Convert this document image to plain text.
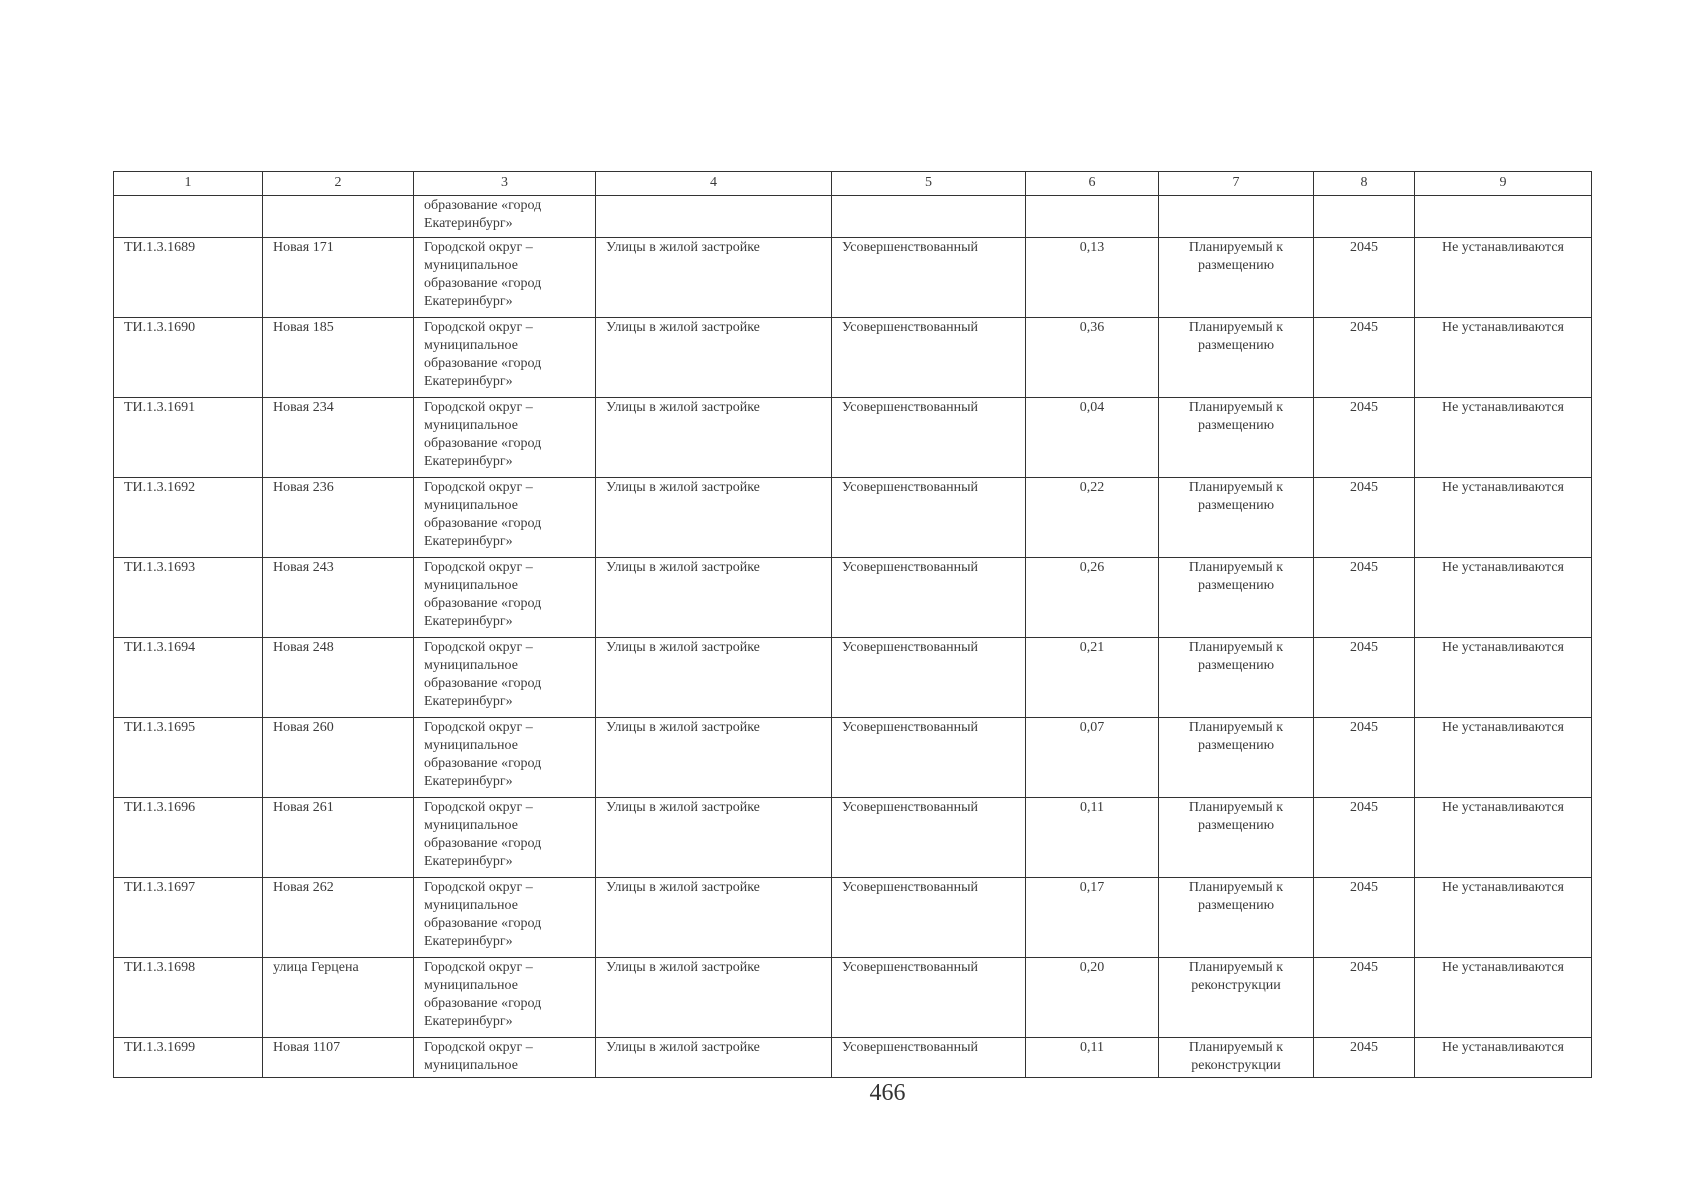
1	2	3	4	5	6	7	8	9
		образование «город Екатеринбург»						
ТИ.1.3.1689	Новая 171	Городской округ – муниципальное образование «город Екатеринбург»	Улицы в жилой застройке	Усовершенствованный	0,13	Планируемый к размещению	2045	Не устанавливаются
ТИ.1.3.1690	Новая 185	Городской округ – муниципальное образование «город Екатеринбург»	Улицы в жилой застройке	Усовершенствованный	0,36	Планируемый к размещению	2045	Не устанавливаются
ТИ.1.3.1691	Новая 234	Городской округ – муниципальное образование «город Екатеринбург»	Улицы в жилой застройке	Усовершенствованный	0,04	Планируемый к размещению	2045	Не устанавливаются
ТИ.1.3.1692	Новая 236	Городской округ – муниципальное образование «город Екатеринбург»	Улицы в жилой застройке	Усовершенствованный	0,22	Планируемый к размещению	2045	Не устанавливаются
ТИ.1.3.1693	Новая 243	Городской округ – муниципальное образование «город Екатеринбург»	Улицы в жилой застройке	Усовершенствованный	0,26	Планируемый к размещению	2045	Не устанавливаются
ТИ.1.3.1694	Новая 248	Городской округ – муниципальное образование «город Екатеринбург»	Улицы в жилой застройке	Усовершенствованный	0,21	Планируемый к размещению	2045	Не устанавливаются
ТИ.1.3.1695	Новая 260	Городской округ – муниципальное образование «город Екатеринбург»	Улицы в жилой застройке	Усовершенствованный	0,07	Планируемый к размещению	2045	Не устанавливаются
ТИ.1.3.1696	Новая 261	Городской округ – муниципальное образование «город Екатеринбург»	Улицы в жилой застройке	Усовершенствованный	0,11	Планируемый к размещению	2045	Не устанавливаются
ТИ.1.3.1697	Новая 262	Городской округ – муниципальное образование «город Екатеринбург»	Улицы в жилой застройке	Усовершенствованный	0,17	Планируемый к размещению	2045	Не устанавливаются
ТИ.1.3.1698	улица Герцена	Городской округ – муниципальное образование «город Екатеринбург»	Улицы в жилой застройке	Усовершенствованный	0,20	Планируемый к реконструкции	2045	Не устанавливаются
ТИ.1.3.1699	Новая 1107	Городской округ – муниципальное	Улицы в жилой застройке	Усовершенствованный	0,11	Планируемый к реконструкции	2045	Не устанавливаются
466
